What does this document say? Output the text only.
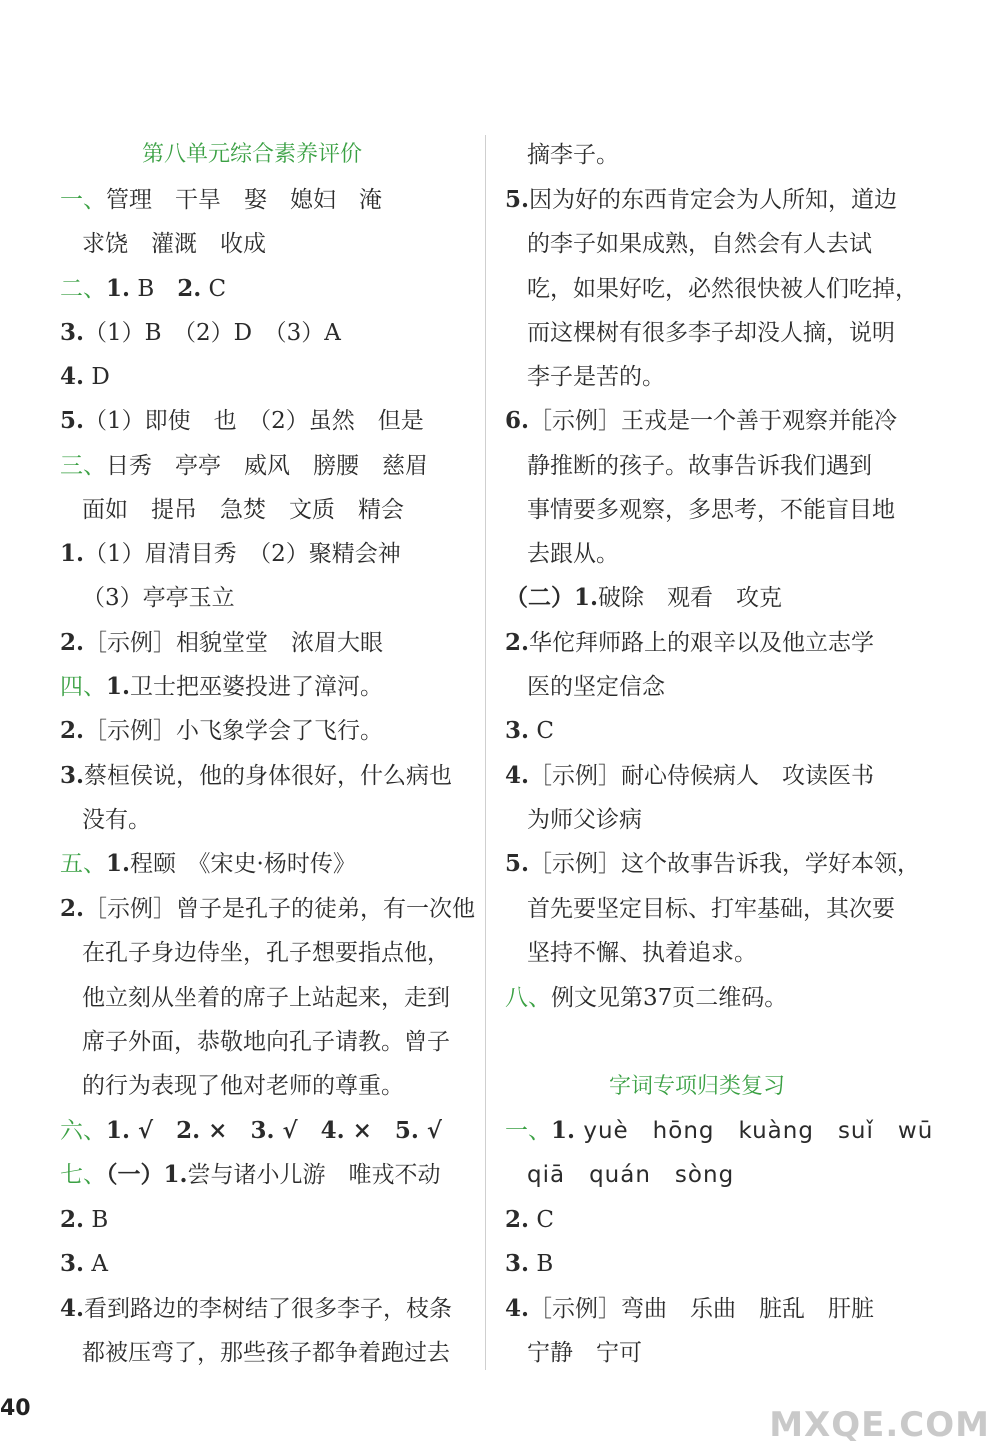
第八单元综合素养评价
一、管理　干旱　娶　媳妇　淹
求饶　灌溉　收成
二、1. B　2. C
3.（1）B　（2）D　（3）A
4. D
5.（1）即使　也　（2）虽然　但是
三、日秀　亭亭　威风　膀腰　慈眉
面如　提吊　急焚　文质　精会
1.（1）眉清目秀　（2）聚精会神
（3）亭亭玉立
2.［示例］相貌堂堂　浓眉大眼
四、1.卫士把巫婆投进了漳河。
2.［示例］小飞象学会了飞行。
3.蔡桓侯说，他的身体很好，什么病也
没有。
五、1.程颐　《宋史·杨时传》
2.［示例］曾子是孔子的徒弟，有一次他
在孔子身边侍坐，孔子想要指点他，
他立刻从坐着的席子上站起来，走到
席子外面，恭敬地向孔子请教。曾子
的行为表现了他对老师的尊重。
六、1. √　 2. ×　 3. √　 4. ×　 5. √
七、（一）1.尝与诸小儿游　唯戎不动
2. B
3. A
4.看到路边的李树结了很多李子，枝条
都被压弯了，那些孩子都争着跑过去
摘李子。
5.因为好的东西肯定会为人所知，道边
的李子如果成熟，自然会有人去试
吃，如果好吃，必然很快被人们吃掉，
而这棵树有很多李子却没人摘，说明
李子是苦的。
6.［示例］王戎是一个善于观察并能冷
静推断的孩子。故事告诉我们遇到
事情要多观察，多思考，不能盲目地
去跟从。
（二）1.破除　观看　攻克
2.华佗拜师路上的艰辛以及他立志学
医的坚定信念
3. C
4.［示例］耐心侍候病人　攻读医书
为师父诊病
5.［示例］这个故事告诉我，学好本领，
首先要坚定目标、打牢基础，其次要
坚持不懈、执着追求。
八、例文见第37页二维码。
字词专项归类复习
一、1. yuè　hōng　kuàng　suǐ　wū
qiā　quán　sòng
2. C
3. B
4.［示例］弯曲　乐曲　脏乱　肝脏
宁静　宁可
40	MXQE.COM
